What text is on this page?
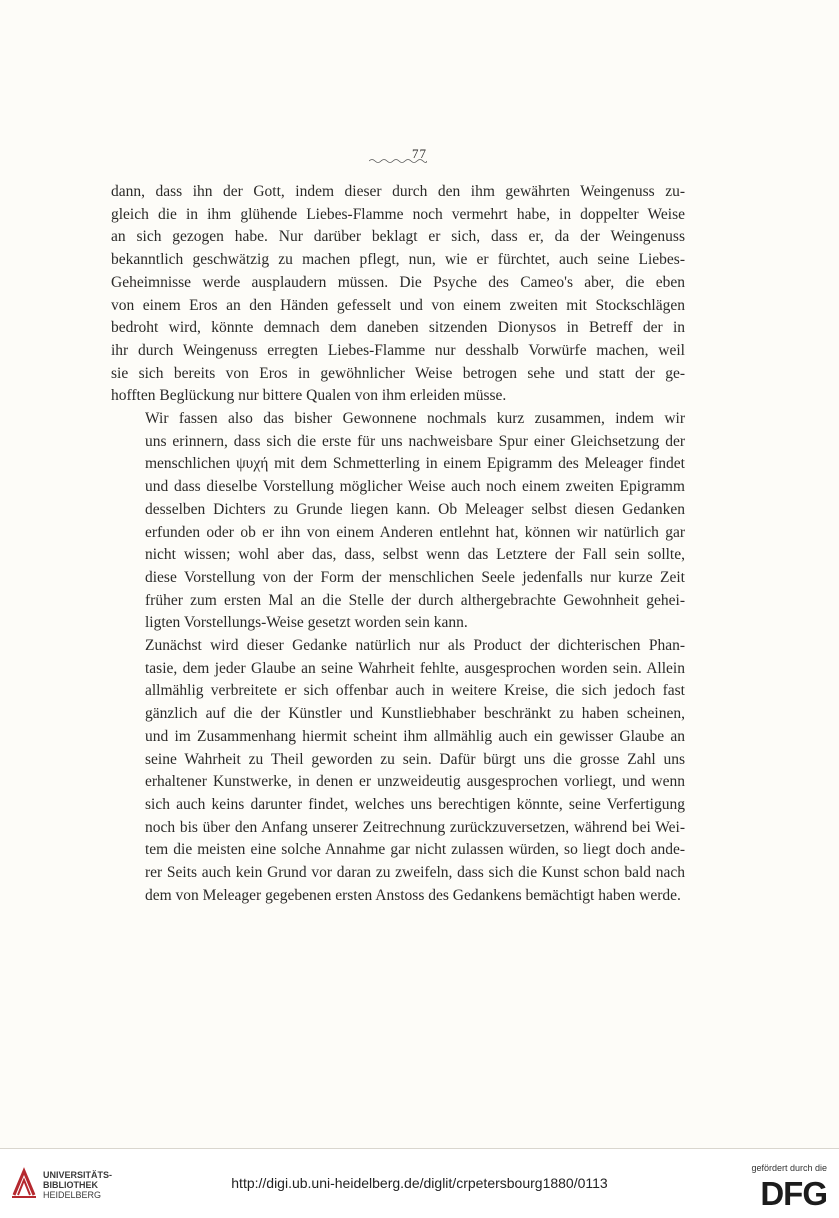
77

dann, dass ihn der Gott, indem dieser durch den ihm gewährten Weingenuss zu-
gleich die in ihm glühende Liebes-Flamme noch vermehrt habe, in doppelter Weise
an sich gezogen habe. Nur darüber beklagt er sich, dass er, da der Weingenuss
bekanntlich geschwätzig zu machen pflegt, nun, wie er fürchtet, auch seine Liebes-
Geheimnisse werde ausplaudern müssen. Die Psyche des Cameo's aber, die eben
von einem Eros an den Händen gefesselt und von einem zweiten mit Stockschlägen
bedroht wird, könnte demnach dem daneben sitzenden Dionysos in Betreff der in
ihr durch Weingenuss erregten Liebes-Flamme nur desshalb Vorwürfe machen, weil
sie sich bereits von Eros in gewöhnlicher Weise betrogen sehe und statt der ge-
hofften Beglückung nur bittere Qualen von ihm erleiden müsse.

Wir fassen also das bisher Gewonnene nochmals kurz zusammen, indem wir
uns erinnern, dass sich die erste für uns nachweisbare Spur einer Gleichsetzung der
menschlichen ψυχή mit dem Schmetterling in einem Epigramm des Meleager findet
und dass dieselbe Vorstellung möglicher Weise auch noch einem zweiten Epigramm
desselben Dichters zu Grunde liegen kann. Ob Meleager selbst diesen Gedanken
erfunden oder ob er ihn von einem Anderen entlehnt hat, können wir natürlich gar
nicht wissen; wohl aber das, dass, selbst wenn das Letztere der Fall sein sollte,
diese Vorstellung von der Form der menschlichen Seele jedenfalls nur kurze Zeit
früher zum ersten Mal an die Stelle der durch althergebrachte Gewohnheit gehei-
ligten Vorstellungs-Weise gesetzt worden sein kann.

Zunächst wird dieser Gedanke natürlich nur als Product der dichterischen Phan-
tasie, dem jeder Glaube an seine Wahrheit fehlte, ausgesprochen worden sein. Allein
allmählig verbreitete er sich offenbar auch in weitere Kreise, die sich jedoch fast
gänzlich auf die der Künstler und Kunstliebhaber beschränkt zu haben scheinen,
und im Zusammenhang hiermit scheint ihm allmählig auch ein gewisser Glaube an
seine Wahrheit zu Theil geworden zu sein. Dafür bürgt uns die grosse Zahl uns
erhaltener Kunstwerke, in denen er unzweideutig ausgesprochen vorliegt, und wenn
sich auch keins darunter findet, welches uns berechtigen könnte, seine Verfertigung
noch bis über den Anfang unserer Zeitrechnung zurückzuversetzen, während bei Wei-
tem die meisten eine solche Annahme gar nicht zulassen würden, so liegt doch ande-
rer Seits auch kein Grund vor daran zu zweifeln, dass sich die Kunst schon bald nach
dem von Meleager gegebenen ersten Anstoss des Gedankens bemächtigt haben werde.

UNIVERSITÄTS-
BIBLIOTHEK
HEIDELBERG
http://digi.ub.uni-heidelberg.de/diglit/crpetersbourg1880/0113
gefördert durch die
DFG
